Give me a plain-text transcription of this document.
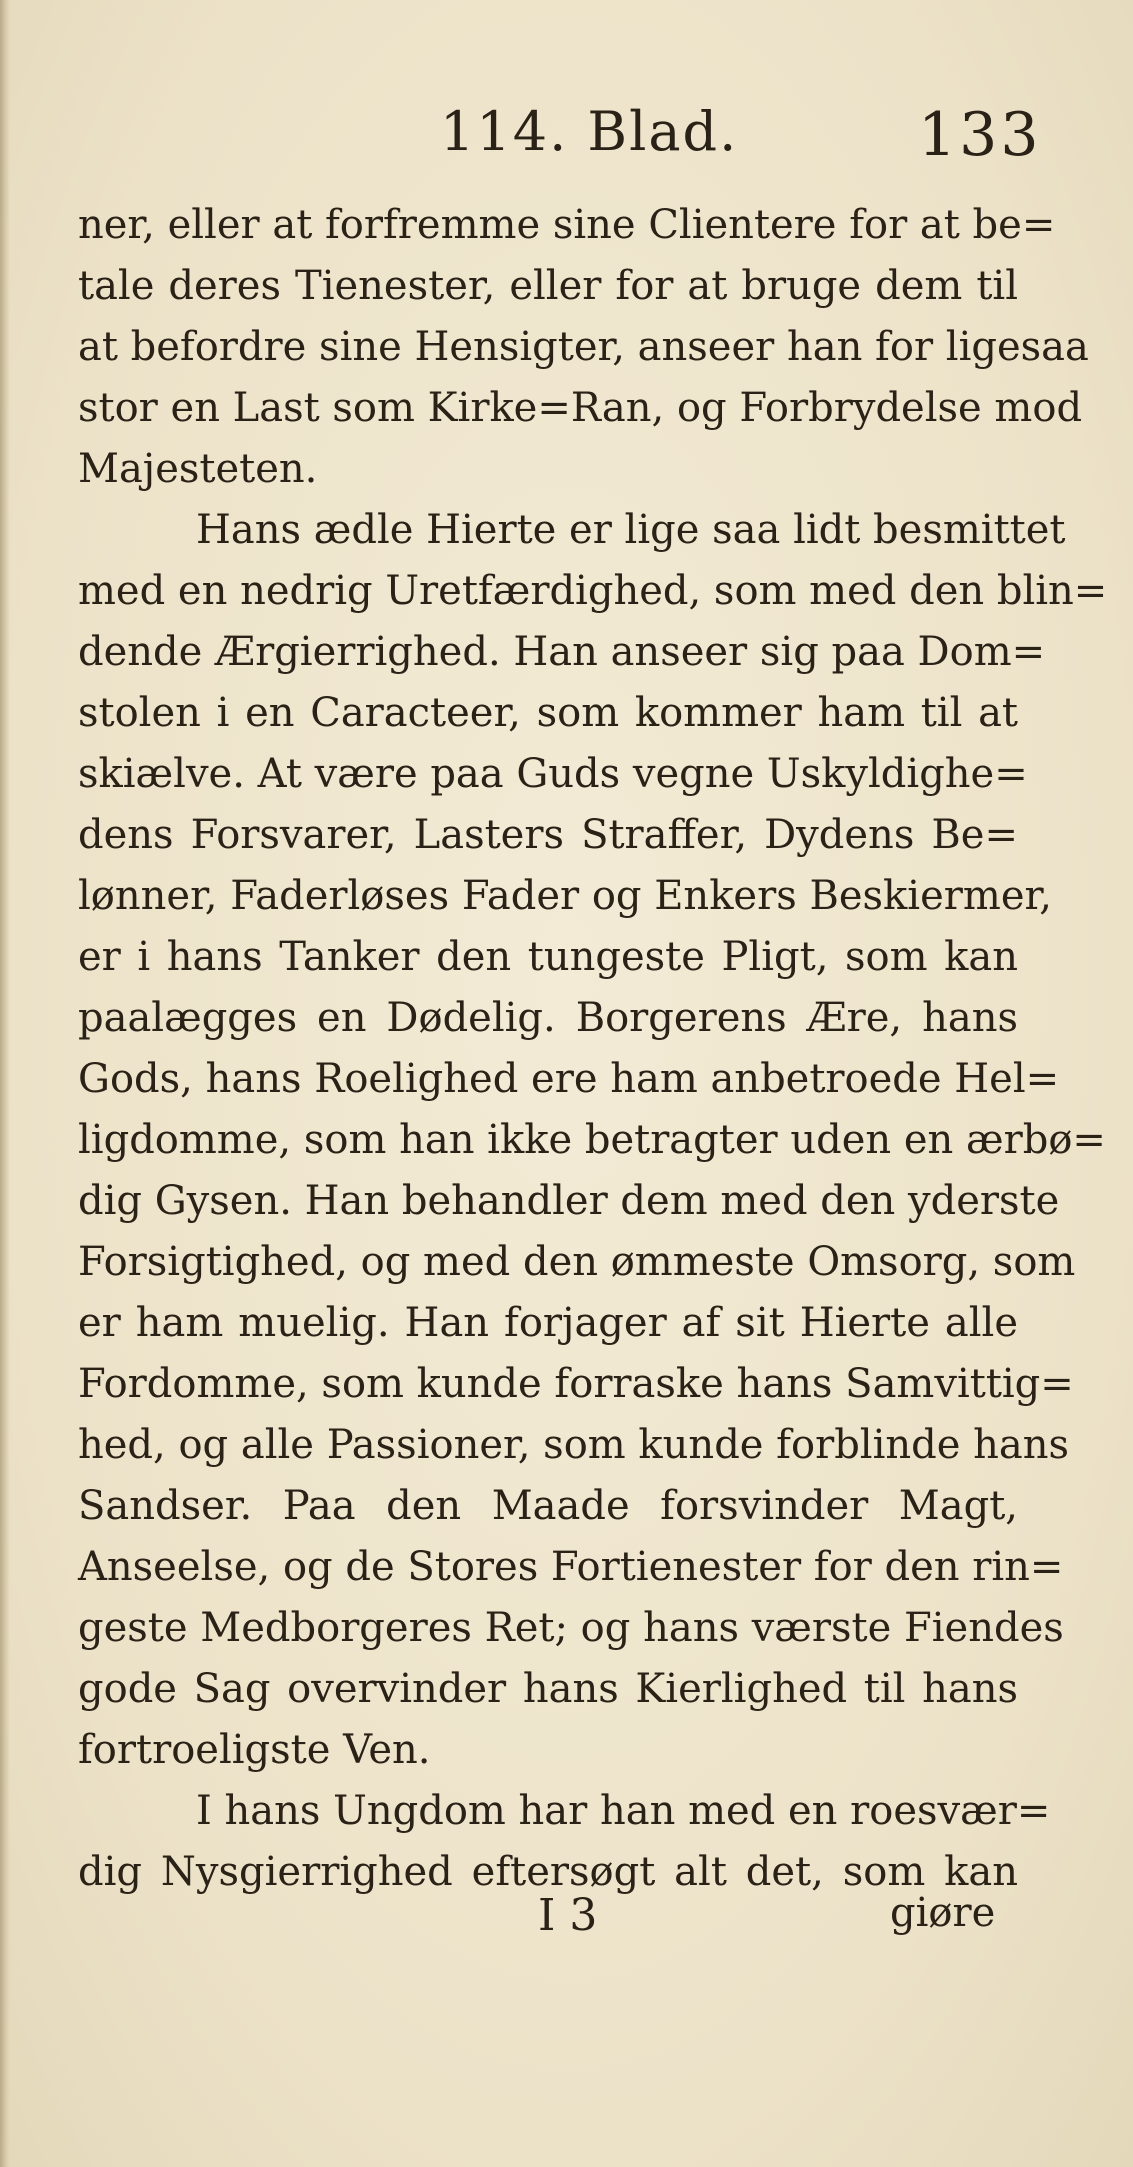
114. Blad.	133
ner, eller at forfremme sine Clientere for at be=
tale deres Tienester, eller for at bruge dem til
at befordre sine Hensigter, anseer han for ligesaa
stor en Last som Kirke=Ran, og Forbrydelse mod
Majesteten.
Hans ædle Hierte er lige saa lidt besmittet
med en nedrig Uretfærdighed, som med den blin=
dende Ærgierrighed. Han anseer sig paa Dom=
stolen i en Caracteer, som kommer ham til at
skiælve. At være paa Guds vegne Uskyldighe=
dens Forsvarer, Lasters Straffer, Dydens Be=
lønner, Faderløses Fader og Enkers Beskiermer,
er i hans Tanker den tungeste Pligt, som kan
paalægges en Dødelig. Borgerens Ære, hans
Gods, hans Roelighed ere ham anbetroede Hel=
ligdomme, som han ikke betragter uden en ærbø=
dig Gysen. Han behandler dem med den yderste
Forsigtighed, og med den ømmeste Omsorg, som
er ham muelig. Han forjager af sit Hierte alle
Fordomme, som kunde forraske hans Samvittig=
hed, og alle Passioner, som kunde forblinde hans
Sandser. Paa den Maade forsvinder Magt,
Anseelse, og de Stores Fortienester for den rin=
geste Medborgeres Ret; og hans værste Fiendes
gode Sag overvinder hans Kierlighed til hans
fortroeligste Ven.
I hans Ungdom har han med en roesvær=
dig Nysgierrighed eftersøgt alt det, som kan
I 3	giøre
